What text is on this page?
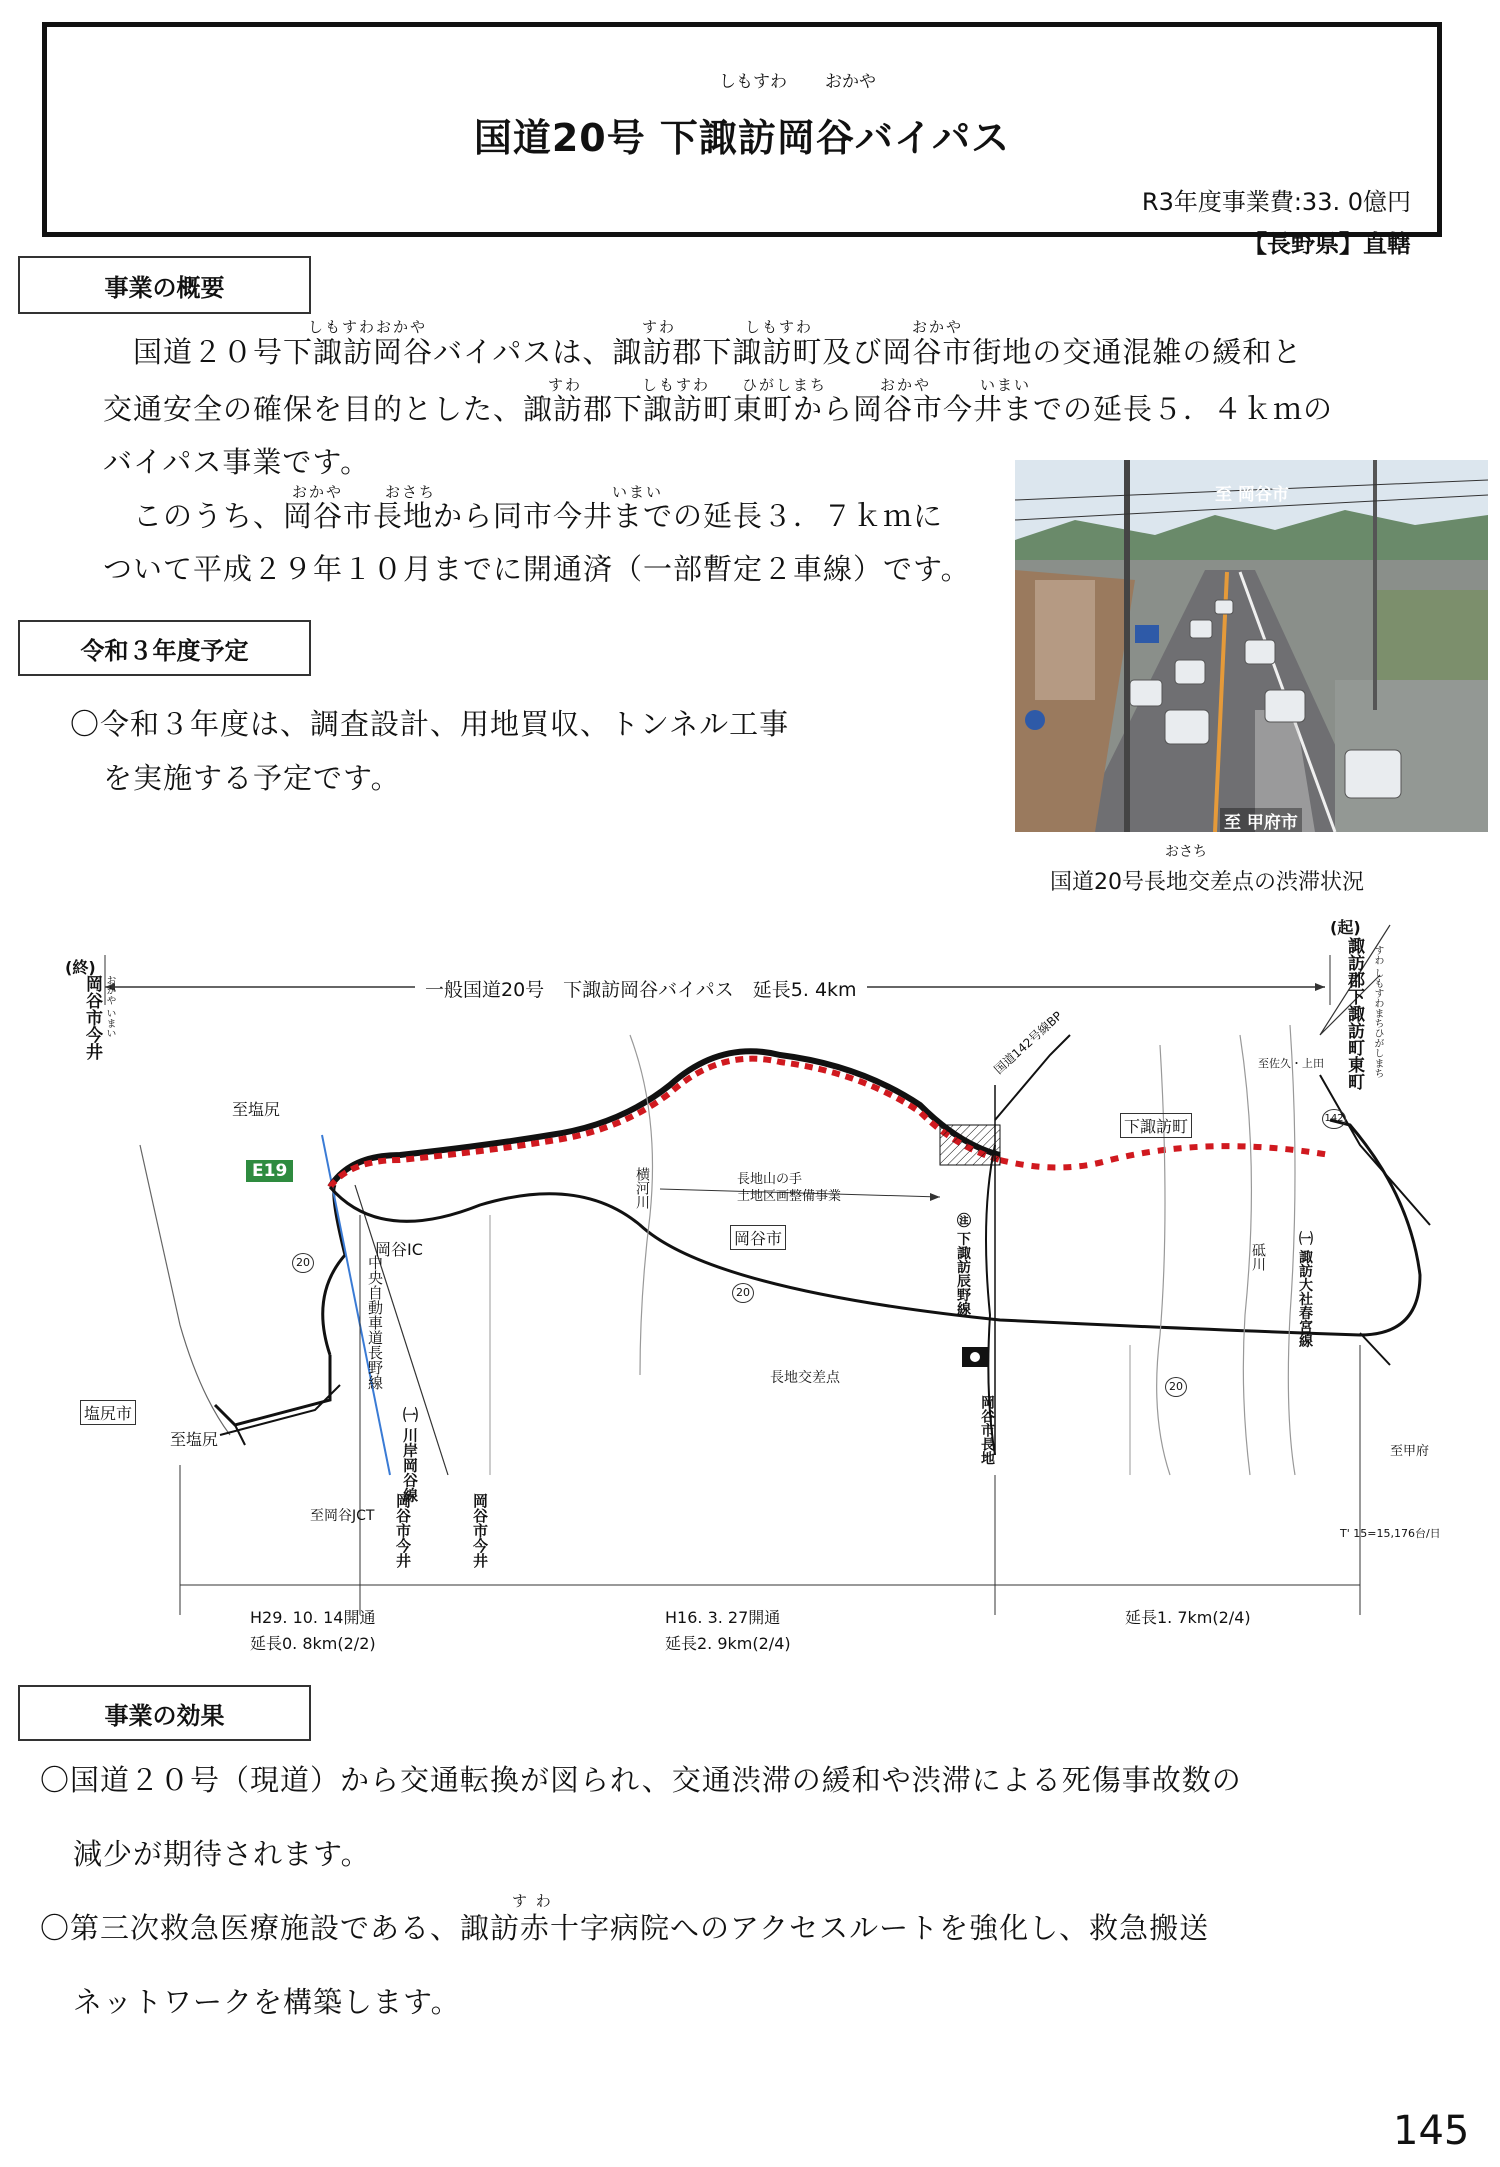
しもすわ おかや
国道20号 下諏訪岡谷バイパス
R3年度事業費:33. 0億円
【長野県】直轄
事業の概要
しもすわおかや	すわ	しもすわ	おかや
国道２０号下諏訪岡谷バイパスは、諏訪郡下諏訪町及び岡谷市街地の交通混雑の緩和と
すわ	しもすわ ひがしまち	おかや	いまい
交通安全の確保を目的とした、諏訪郡下諏訪町東町から岡谷市今井までの延長５．４ｋｍの
バイパス事業です。
おかや	おさち	いまい
このうち、岡谷市長地から同市今井までの延長３．７ｋｍに
ついて平成２９年１０月までに開通済（一部暫定２車線）です。
至 岡谷市
至 甲府市
おさち
国道20号長地交差点の渋滞状況
令和３年度予定
〇令和３年度は、調査設計、用地買収、トンネル工事
を実施する予定です。
一般国道20号　下諏訪岡谷バイパス　延長5. 4km
(終)
岡谷市今井 おかや いまい
(起)
諏訪郡下諏訪町東町 すわ しもすわまちひがしまち
至塩尻
E19
岡谷IC
中央自動車道長野線
20
20
20
塩尻市
至塩尻
至岡谷JCT 岡谷市今井	岡谷市今井
㈠ 川岸岡谷線
横河川
岡谷市
長地山の手
土地区画整備事業
長地交差点
㊟ 下諏訪辰野線
岡谷市長地
国道142号線BP
下諏訪町
至佐久・上田
142
砥川 ㈠ 諏訪大社春宮線
至甲府
T' 15=15,176台/日
H29. 10. 14開通
延長0. 8km(2/2)
H16. 3. 27開通
延長2. 9km(2/4)
延長1. 7km(2/4)
事業の効果
〇国道２０号（現道）から交通転換が図られ、交通渋滞の緩和や渋滞による死傷事故数の
減少が期待されます。
す わ
〇第三次救急医療施設である、諏訪赤十字病院へのアクセスルートを強化し、救急搬送
ネットワークを構築します。
145
